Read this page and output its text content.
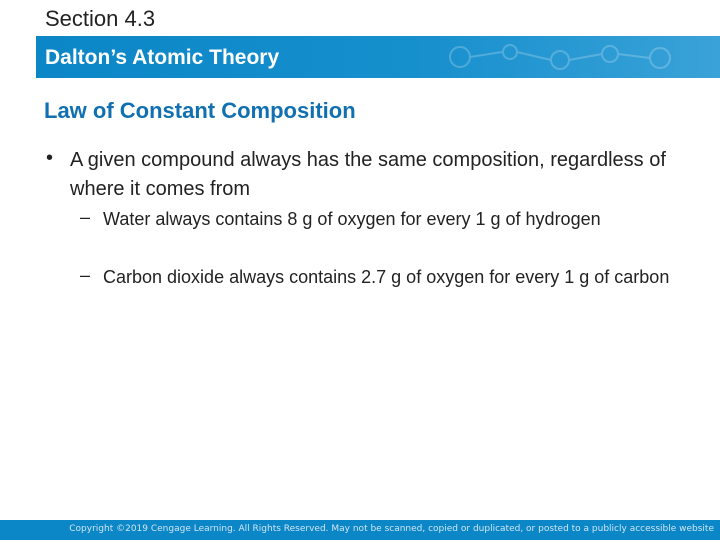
Section 4.3
Dalton’s Atomic Theory
Law of Constant Composition
• A given compound always has the same composition, regardless of where it comes from
– Water always contains 8 g of oxygen for every 1 g of hydrogen
– Carbon dioxide always contains 2.7 g of oxygen for every 1 g of carbon
Copyright ©2019 Cengage Learning. All Rights Reserved. May not be scanned, copied or duplicated, or posted to a publicly accessible website
